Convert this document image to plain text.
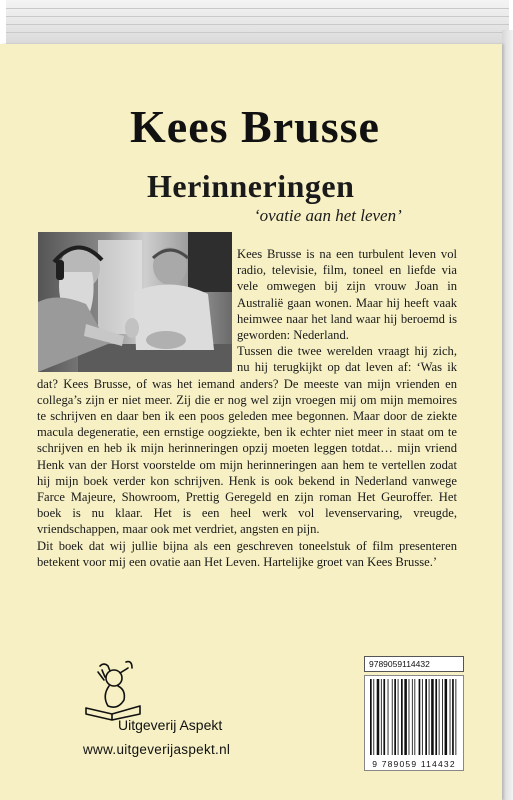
Kees Brusse
Herinneringen
‘ovatie aan het leven’

Kees Brusse is na een turbulent leven vol radio, televisie, film, toneel en liefde via vele omwegen bij zijn vrouw Joan in Australië gaan wonen. Maar hij heeft vaak heimwee naar het land waar hij beroemd is geworden: Nederland.

Tussen die twee werelden vraagt hij zich, nu hij terugkijkt op dat leven af: ‘Was ik dat? Kees Brusse, of was het iemand anders? De meeste van mijn vrienden en collega’s zijn er niet meer. Zij die er nog wel zijn vroegen mij om mijn memoires te schrijven en daar ben ik een poos geleden mee begonnen. Maar door de ziekte macula degeneratie, een ernstige oogziekte, ben ik echter niet meer in staat om te schrijven en heb ik mijn herinneringen opzij moeten leggen totdat… mijn vriend Henk van der Horst voorstelde om mijn herinneringen aan hem te vertellen zodat hij mijn boek verder kon schrijven. Henk is ook bekend in Nederland vanwege Farce Majeure, Showroom, Prettig Geregeld en zijn roman Het Geuroffer. Het boek is nu klaar. Het is een heel werk vol levenservaring, vreugde, vriendschappen, maar ook met verdriet, angsten en pijn.

Dit boek dat wij jullie bijna als een geschreven toneelstuk of film presenteren betekent voor mij een ovatie aan Het Leven. Hartelijke groet van Kees Brusse.’

Uitgeverij Aspekt
www.uitgeverijaspekt.nl
9789059114432
9 789059 114432
